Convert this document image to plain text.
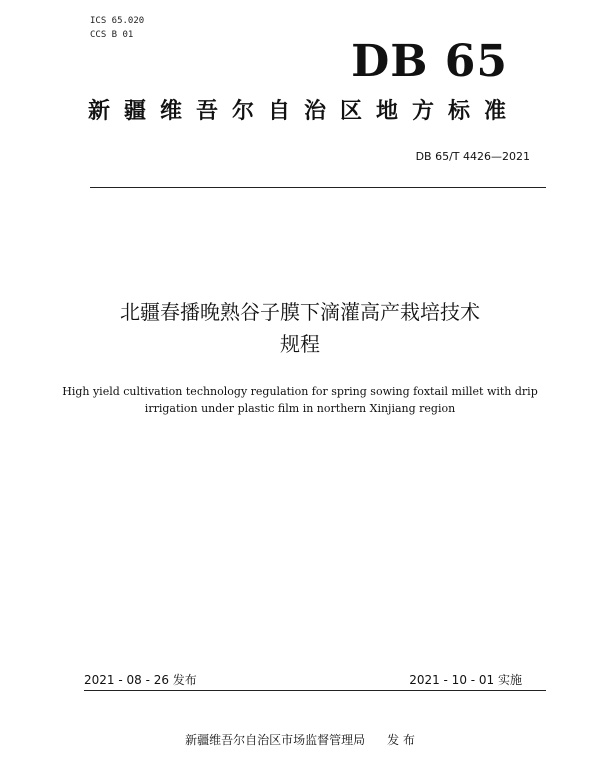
ICS 65.020
CCS B 01
DB 65
新疆维吾尔自治区地方标准
DB 65/T 4426—2021
北疆春播晚熟谷子膜下滴灌高产栽培技术
规程
High yield cultivation technology regulation for spring sowing foxtail millet with drip
irrigation under plastic film in northern Xinjiang region
2021 - 08 - 26 发布	2021 - 10 - 01 实施
新疆维吾尔自治区市场监督管理局 发 布
